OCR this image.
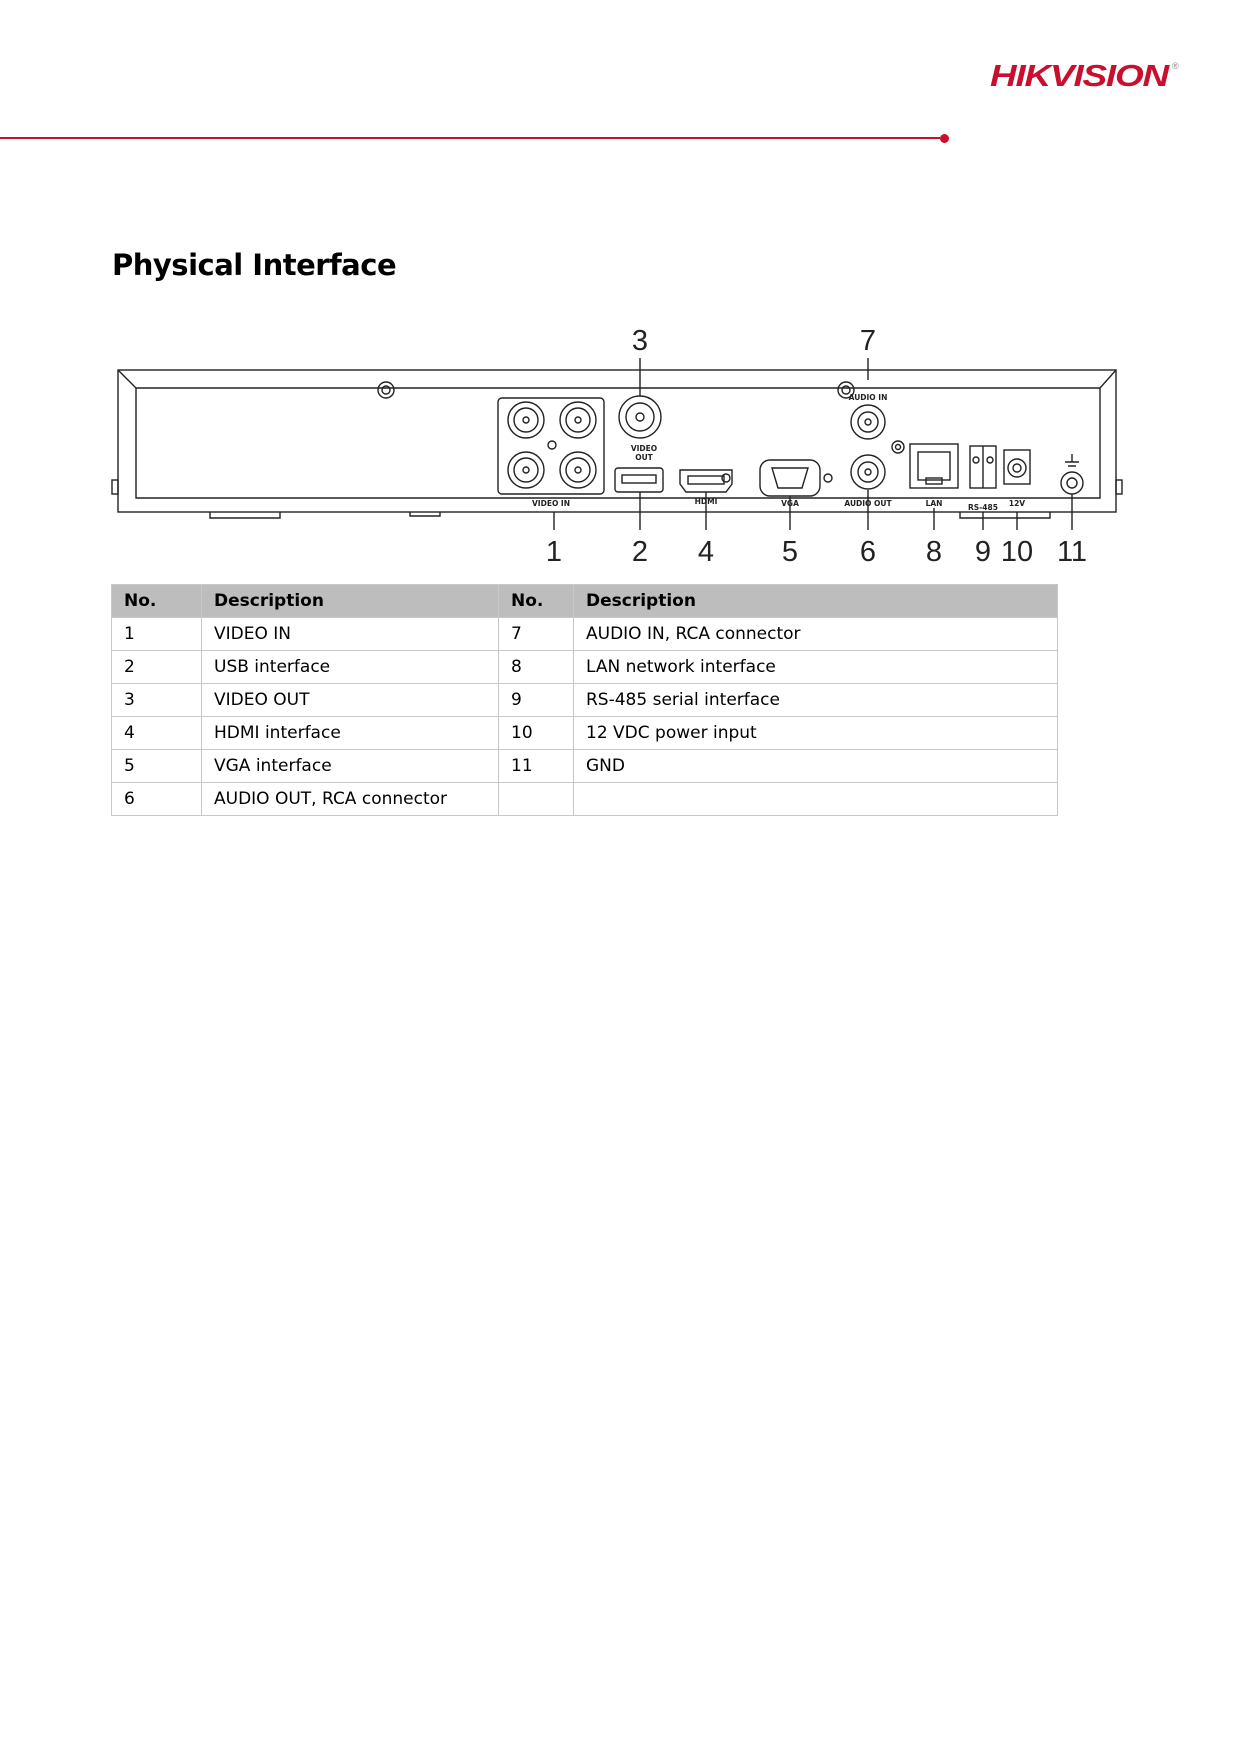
HIKVISION ®
Physical Interface
VIDEO IN
VIDEO
OUT
HDMI	VGA
AUDIO IN
AUDIO OUT	LAN	RS-485 12V
3	7
1 2 4 5 6 8 9 10 11
No.	Description	No.	Description
1	VIDEO IN	7	AUDIO IN, RCA connector
2	USB interface	8	LAN network interface
3	VIDEO OUT	9	RS-485 serial interface
4	HDMI interface	10	12 VDC power input
5	VGA interface	11	GND
6	AUDIO OUT, RCA connector		
